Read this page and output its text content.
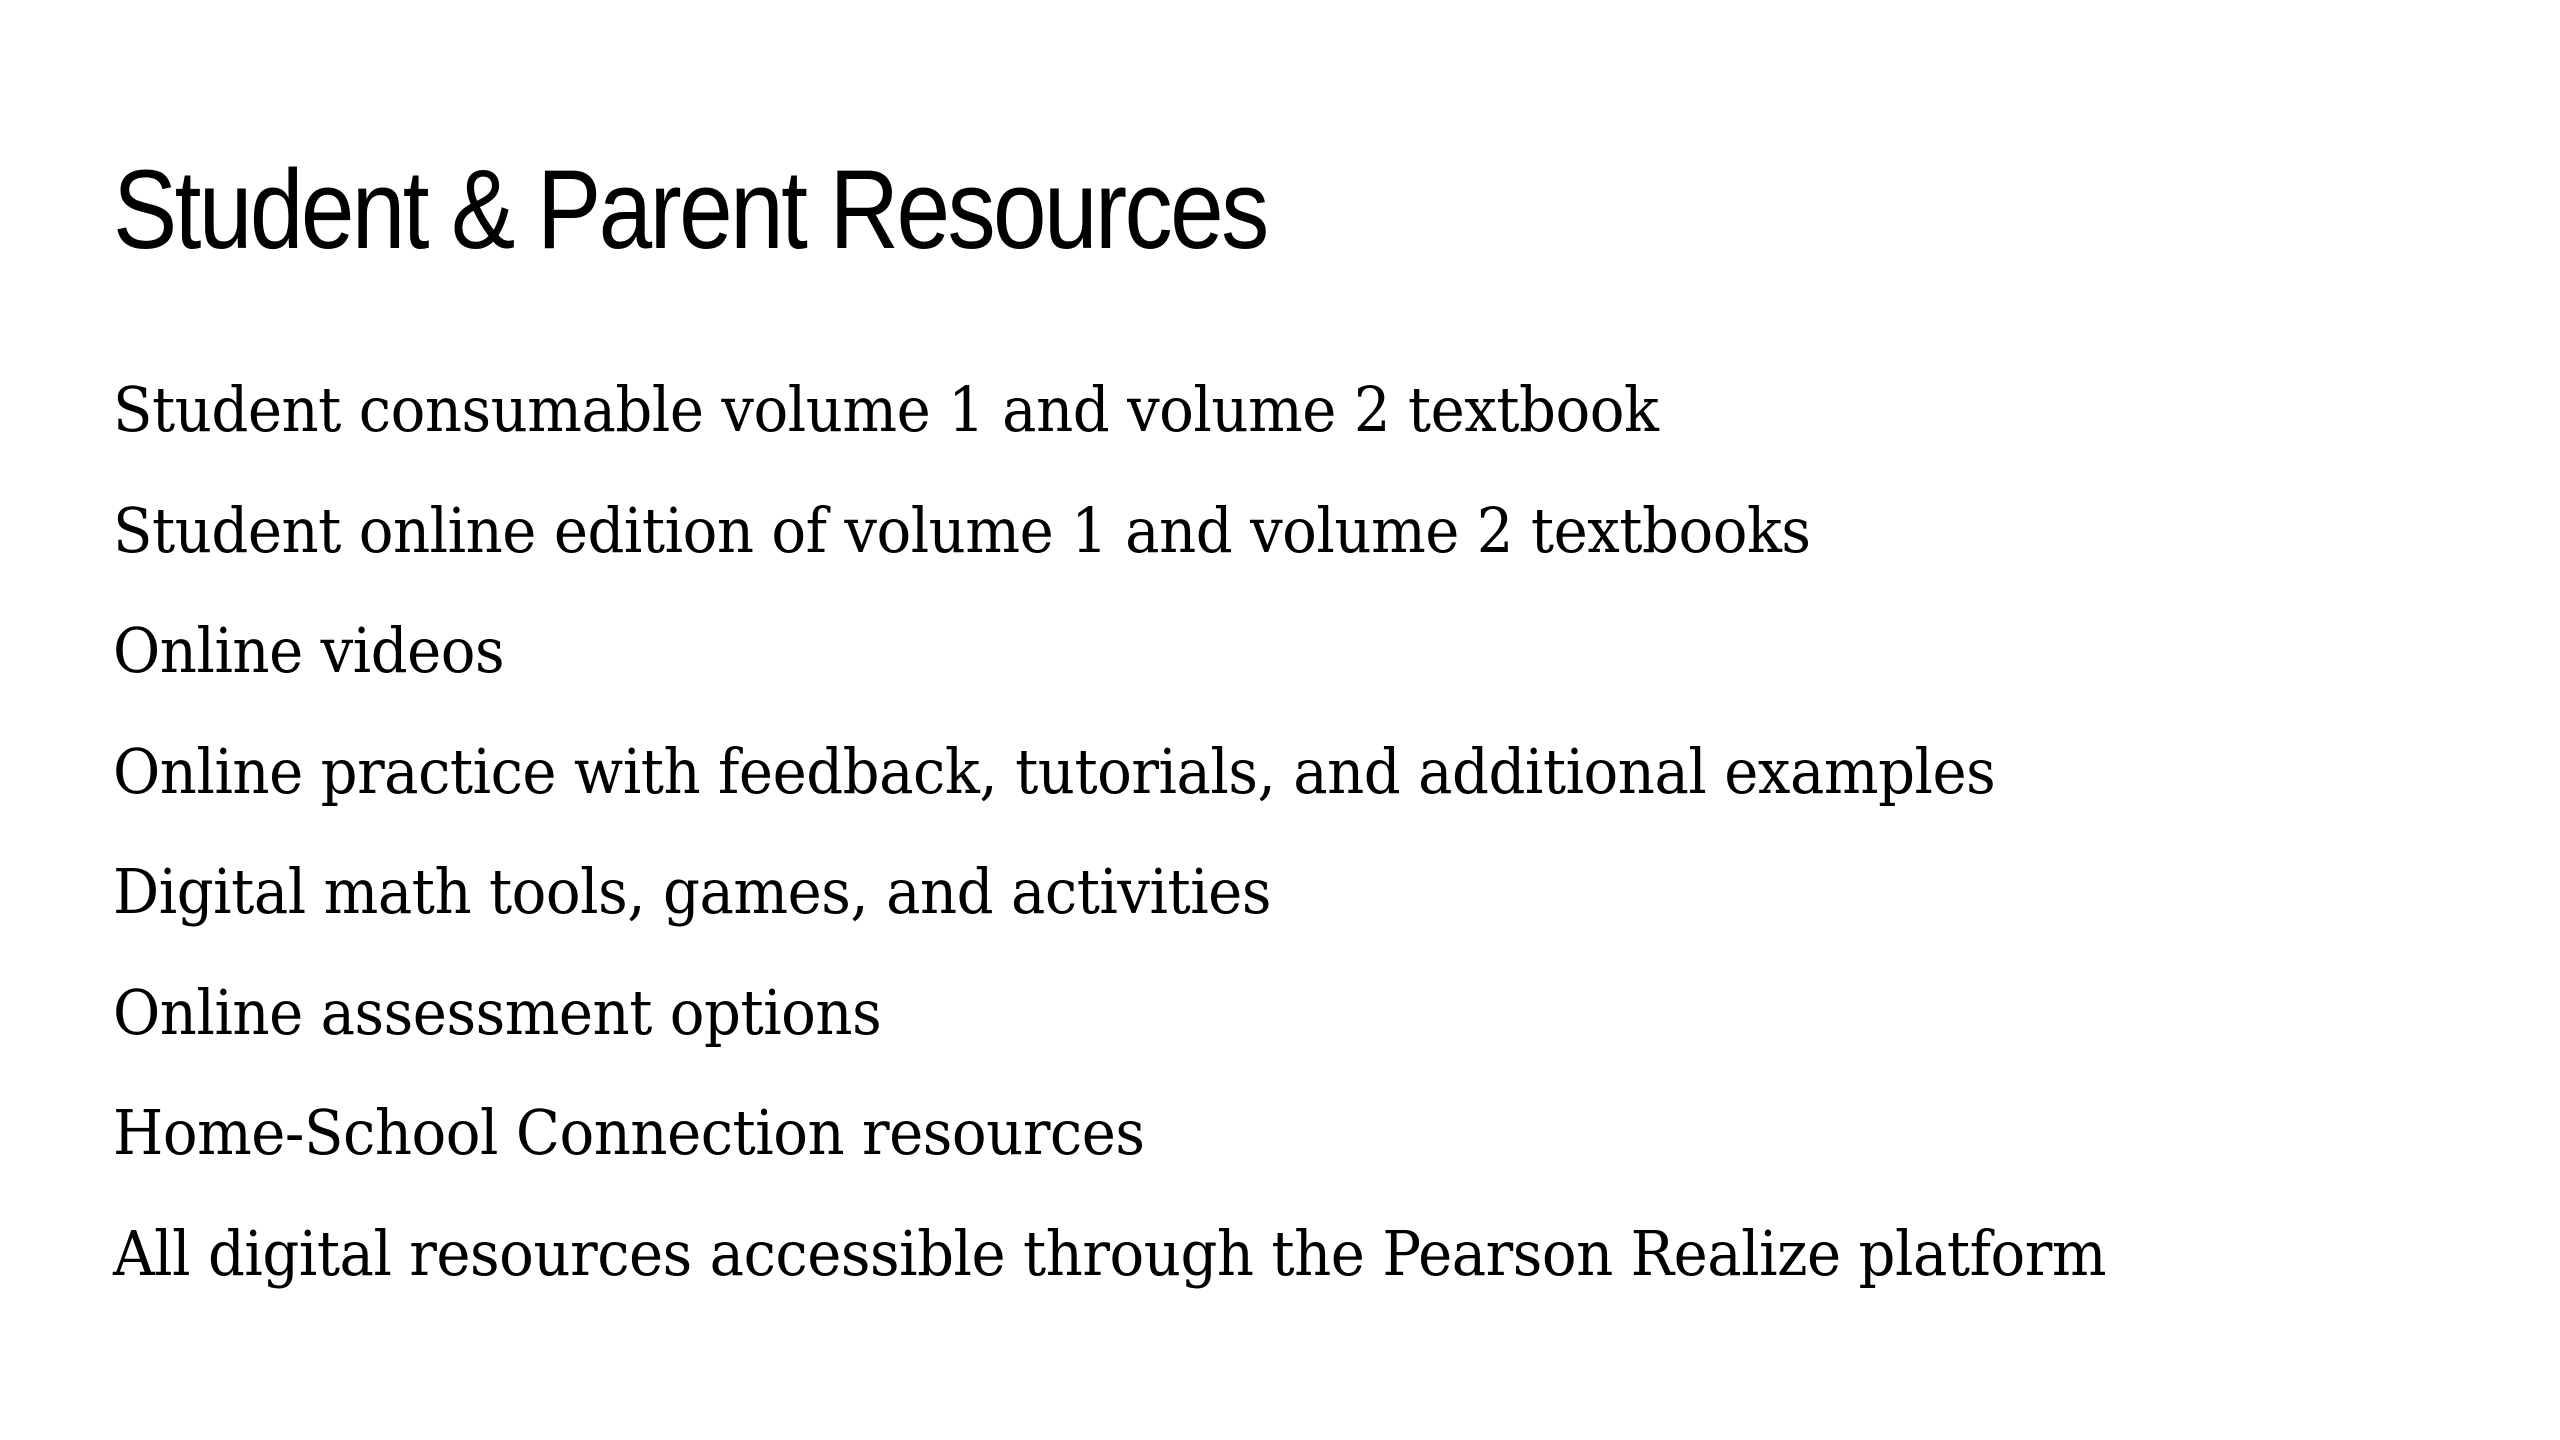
Student & Parent Resources
Student consumable volume 1 and volume 2 textbook
Student online edition of volume 1 and volume 2 textbooks
Online videos
Online practice with feedback, tutorials, and additional examples
Digital math tools, games, and activities
Online assessment options
Home-School Connection resources
All digital resources accessible through the Pearson Realize platform
